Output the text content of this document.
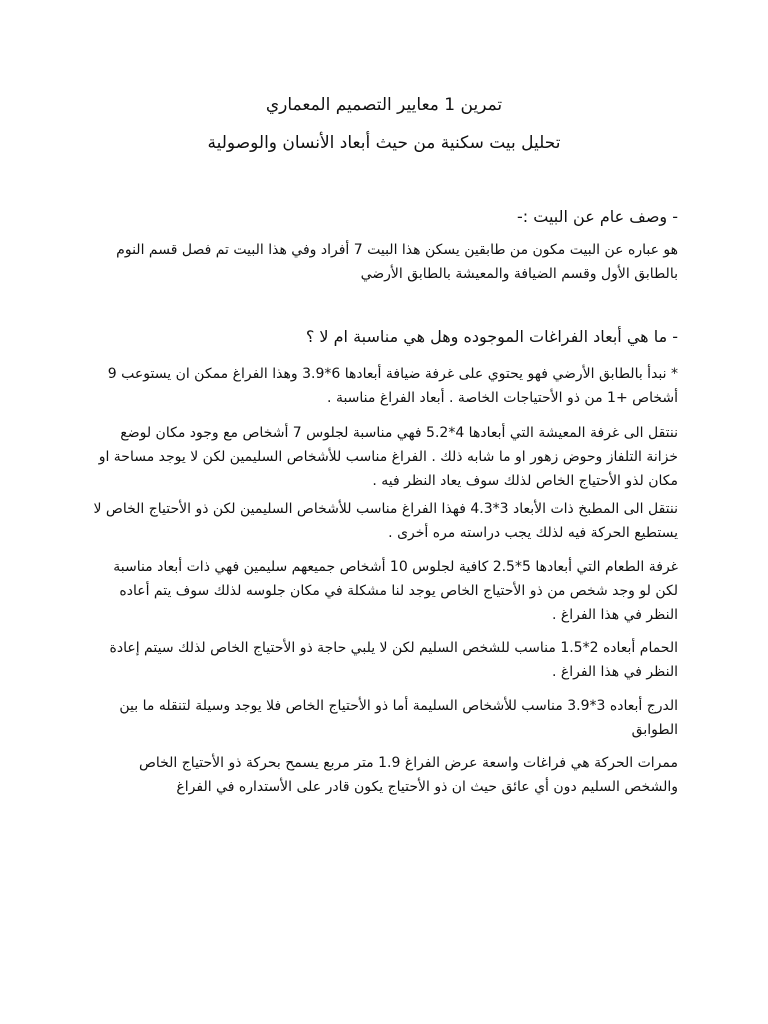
تمرين 1 معايير التصميم المعماري
تحليل بيت سكنية من حيث أبعاد الأنسان والوصولية
- وصف عام عن البيت :-
هو عباره عن البيت مكون من طابقين يسكن هذا البيت 7 أفراد وفي هذا البيت تم فصل قسم النوم بالطابق الأول وقسم الضيافة والمعيشة بالطابق الأرضي
- ما هي أبعاد الفراغات الموجوده وهل هي مناسبة ام لا ؟
* نبدأ بالطابق الأرضي فهو يحتوي على غرفة ضيافة أبعادها 6*3.9 وهذا الفراغ ممكن ان يستوعب 9 أشخاص +1 من ذو الأحتياجات الخاصة . أبعاد الفراغ مناسبة .
ننتقل الى غرفة المعيشة التي أبعادها 4*5.2 فهي مناسبة لجلوس 7 أشخاص مع وجود مكان لوضع خزانة التلفاز وحوض زهور او ما شابه ذلك . الفراغ مناسب للأشخاص السليمين لكن لا يوجد مساحة او مكان لذو الأحتياج الخاص لذلك سوف يعاد النظر فيه .
ننتقل الى المطبخ ذات الأبعاد 3*4.3 فهذا الفراغ مناسب للأشخاص السليمين لكن ذو الأحتياج الخاص لا يستطيع الحركة فيه لذلك يجب دراسته مره أخرى .
غرفة الطعام التي أبعادها 5*2.5 كافية لجلوس 10 أشخاص جميعهم سليمين فهي ذات أبعاد مناسبة لكن لو وجد شخص من ذو الأحتياج الخاص يوجد لنا مشكلة في مكان جلوسه لذلك سوف يتم أعاده النظر في هذا الفراغ .
الحمام أبعاده 2*1.5 مناسب للشخص السليم لكن لا يلبي حاجة ذو الأحتياج الخاص لذلك سيتم إعادة النظر في هذا الفراغ .
الدرج أبعاده 3*3.9 مناسب للأشخاص السليمة أما ذو الأحتياج الخاص فلا يوجد وسيلة لتنقله ما بين الطوابق
ممرات الحركة هي فراغات واسعة عرض الفراغ 1.9 متر مربع يسمح بحركة ذو الأحتياج الخاص والشخص السليم دون أي عائق حيث ان ذو الأحتياج يكون قادر على الأستداره في الفراغ
